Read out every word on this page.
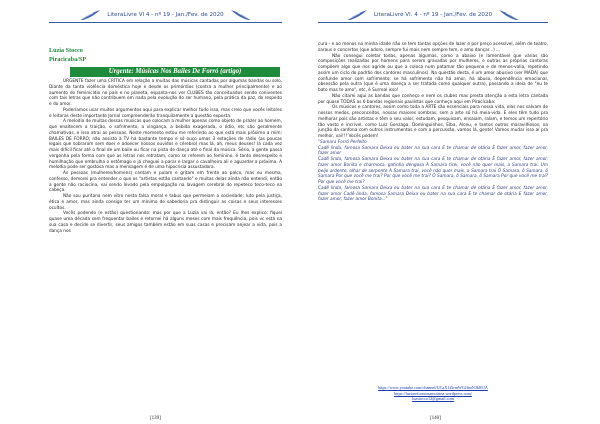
LiteraLivre Vl 4 - nº 19 - Jan./Fev. de 2020
Luzia Stocco
Piracicaba/SP
Urgente: Músicas Nos Bailes De Forró (artigo)

URGENTE fazer uma CRÍTICA em relação a muitas das músicas cantadas por algumas bandas ou solo. Diante da tanta violência doméstica hoje e desde os primórdios (contra a mulher principalmente) e ao aumento do feminicídio no país e no planeta, espanta-nos ver CLUBES tão conceituados sendo coniventes com tais letras que não contribuem em nada pela evolução do ser humano, pela prática da paz, do respeito e do amor.

Poderíamos usar muitos argumentos aqui para explicar melhor tudo isso, mas creio que vocês leitores e leitoras deste importante Jornal compreenderão tranquilamente a questão exposta.

A melodia de muitas dessas músicas que colocam a mulher apenas como objeto de prazer ao homem, que enaltecem a traição, o sofrimento, a vingança, a bebida exagerada, o ódio, etc são geralmente chamativas, e isso atrai as pessoas. Neste momento estou me referindo ao que está mais próximo a mim: BAILES DE FORRÓ; não assisto à TV há bastante tempo e só ouço umas 3 estações de rádio (as poucas legais que sobraram sem doer e adoecer nossos ouvidos e cérebro) mas lá, ah, meus deuses! lá cada vez mais difícil ficar até o final de um baile ou ficar na pista de dança até o final da música. Sério, a gente passa vergonha pela forma com que as letras nos retratam, como se referem ao feminino, é tanto desrespeito e humilhação que embrulha o estômago e já cheguei a parar e largar o cavalheiro ali e aguardar a próxima. A melodia pode ser gostosa mas a mensagem é de uma hipocrisia assustadora.

As pessoas (mulheres/homens) cantam e pulam e gritam em frente ao palco, mas eu mesma, confesso, demorei pra entender o que os "artistas estão cantando" e muitas delas ainda não entendi, então a gente não raciocina, vai sendo levado pela empolgação na lavagem cerebral do repeteco teco-teco na cabeça.

Não sou puritana nem vitro nesta falsa moral e tabus que permeiam a sociedade; luto pela justiça, ética e amor, mas ainda consigo ter um mínimo de sabedoria pra distinguir as coisas e seus interesses ocultos.

Vocês podendo (e estão) questionando: mas por que a Luzia vai lá, então? Eu lhes explico: fiquei quase uma década sem frequentar bailes e retornei há alguns meses com mais frequência, pois vc está na sua casa e decide se divertir, seus amigos também estão em suas casas e precisam anjear a vida, pois a dança nos

[139]
LiteraLivre Vl. 4 - nº 19 - Jan./Fev. de 2020

cura - e ao menos na minha idade não se tem tantas opções de lazer e por preço acessível, além de teatro, saraus e concertos (que adoro, sempre fui mais nem sempre tem, e amo dançar...) ...

Não consegui coletar todas, apenas algumas, como a abaixo (e lamentável que várias são composições realizadas por homens para serem gravadas por mulheres, e outras as próprias cantoras compõem algo que nos agride ou que a coloca num patamar tão pequeno e de menos-valia, repetindo assim um ciclo do padrão dos cantores masculinos). Na questão desta, é um amor abusivo (ver MADA) que confunde amor com sofrimento; se há sofrimento não há amor, há abuso, dependência emocional, obsessão pela outra (que é uma doença a ser tratada como qualquer outra), passando a ideia de "eu te bato mas te amo", etc, é Surreal isso!

Não citarei aqui as bandas que conheço e nem os clubes mas presta atenção a esta letra cantada por quase TODAS as 6 bandas regionais paulistas que conheço aqui em Piracicaba:

Os músicos e cantores, assim como toda a ARTE são essenciais para nossa vida, elas nos salvam de nossos medos, preconceitos, nossas maiores sombras, sem a arte só há meia-vida. E eles têm tudo pra melhorar pois são artistas e têm o seu valor, estudam, pesquisam, ensaiam, ralam, e temos um repertório tão vasto e incrível, como Luiz Gonzaga, Dominguinhos, Elba, Alceu, e tantos outros maravilhosos, na junção da sanfona com outros instrumentos e com a percussão, vamos lá, gente! Vamos mudar isso aí pra melhor, vai!!! Vocês podem!

"Samara Forró Perfeito

Cadê linda, famosa Samara Deixa eu bater na sua cara E te chamar de otária E fazer amor, fazer amor, fazer amor

Cadê linda, famosa Samara Deixa eu bater na sua cara E te chamar de otária E fazer amor, fazer amor, fazer amor Bonita e charmosa, gatinha dengosa A Samara tirei, você não quer mais, a Samara trai. Um beijo ardente, olhar de serpente A Samara trai, você não quer mais, a Samara trai Ô Samara, ô Samara, ô Samara Por que você me trai? Por que você me trai? Ô Samara, ô Samara, ô Samara Por que você me trai? Por que você me trai?

Cadê linda, famosa Samara Deixa eu bater na sua cara E te chamar de otária E fazer amor, fazer amor, fazer amor Cadê linda, famosa Samara Deixa eu bater na sua cara E te chamar de otária E fazer amor, fazer amor, fazer amor Bonita..."

https://www.youtube.com/channel/UCaX1ZirmWGJ4mN3k85JA
https://luziarefcontosamotrina.wordpress.com/
luzstocco12@gmail.com
[140]
